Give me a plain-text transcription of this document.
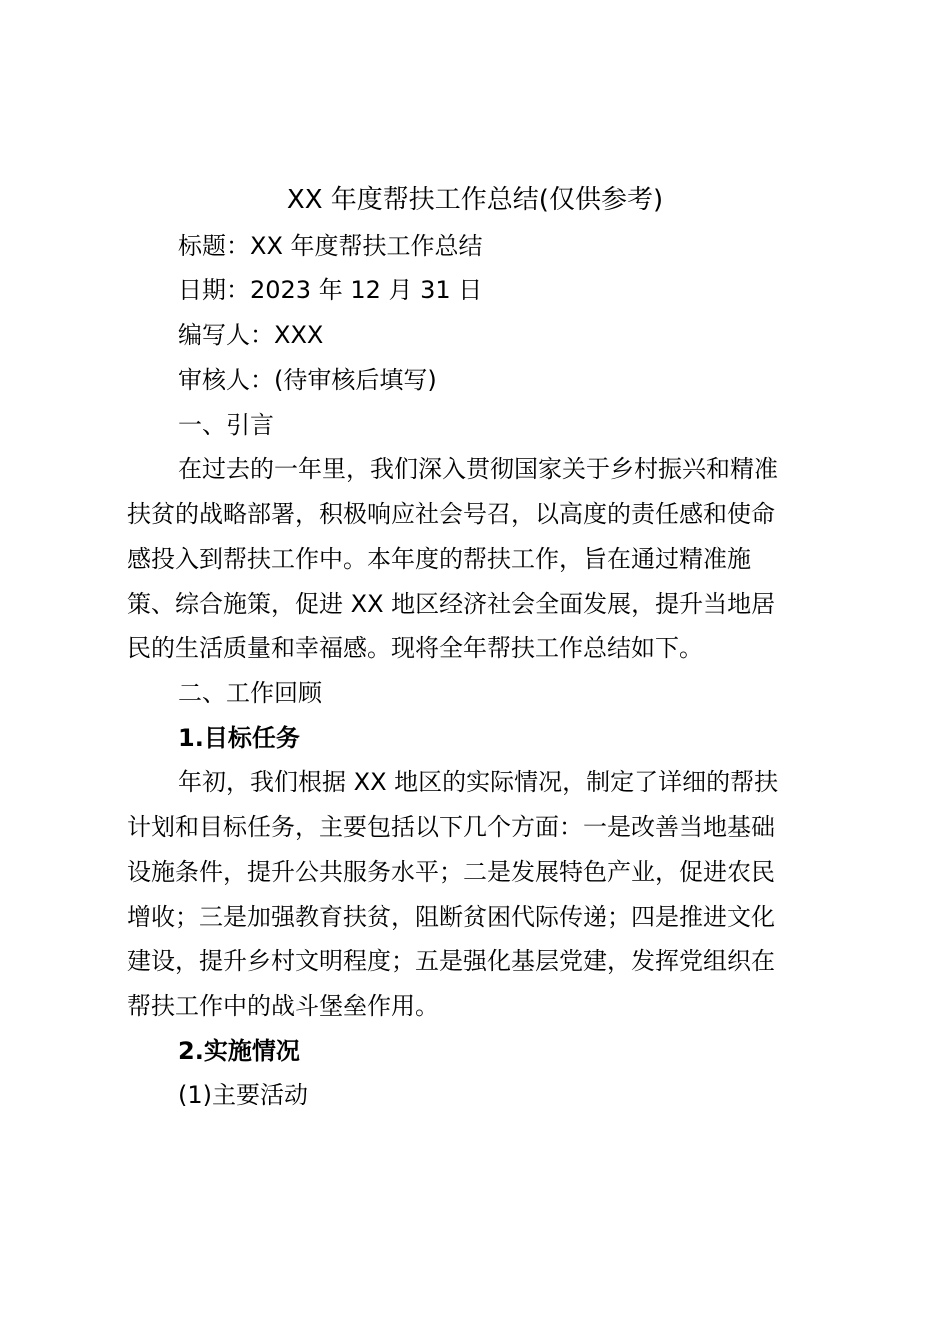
XX 年度帮扶工作总结(仅供参考)
标题：XX 年度帮扶工作总结
日期：2023 年 12 月 31 日
编写人：XXX
审核人：(待审核后填写)
一、引言
在过去的一年里，我们深入贯彻国家关于乡村振兴和精准
扶贫的战略部署，积极响应社会号召，以高度的责任感和使命
感投入到帮扶工作中。本年度的帮扶工作，旨在通过精准施
策、综合施策，促进 XX 地区经济社会全面发展，提升当地居
民的生活质量和幸福感。现将全年帮扶工作总结如下。
二、工作回顾
1.目标任务
年初，我们根据 XX 地区的实际情况，制定了详细的帮扶
计划和目标任务，主要包括以下几个方面：一是改善当地基础
设施条件，提升公共服务水平；二是发展特色产业，促进农民
增收；三是加强教育扶贫，阻断贫困代际传递；四是推进文化
建设，提升乡村文明程度；五是强化基层党建，发挥党组织在
帮扶工作中的战斗堡垒作用。
2.实施情况
(1)主要活动
